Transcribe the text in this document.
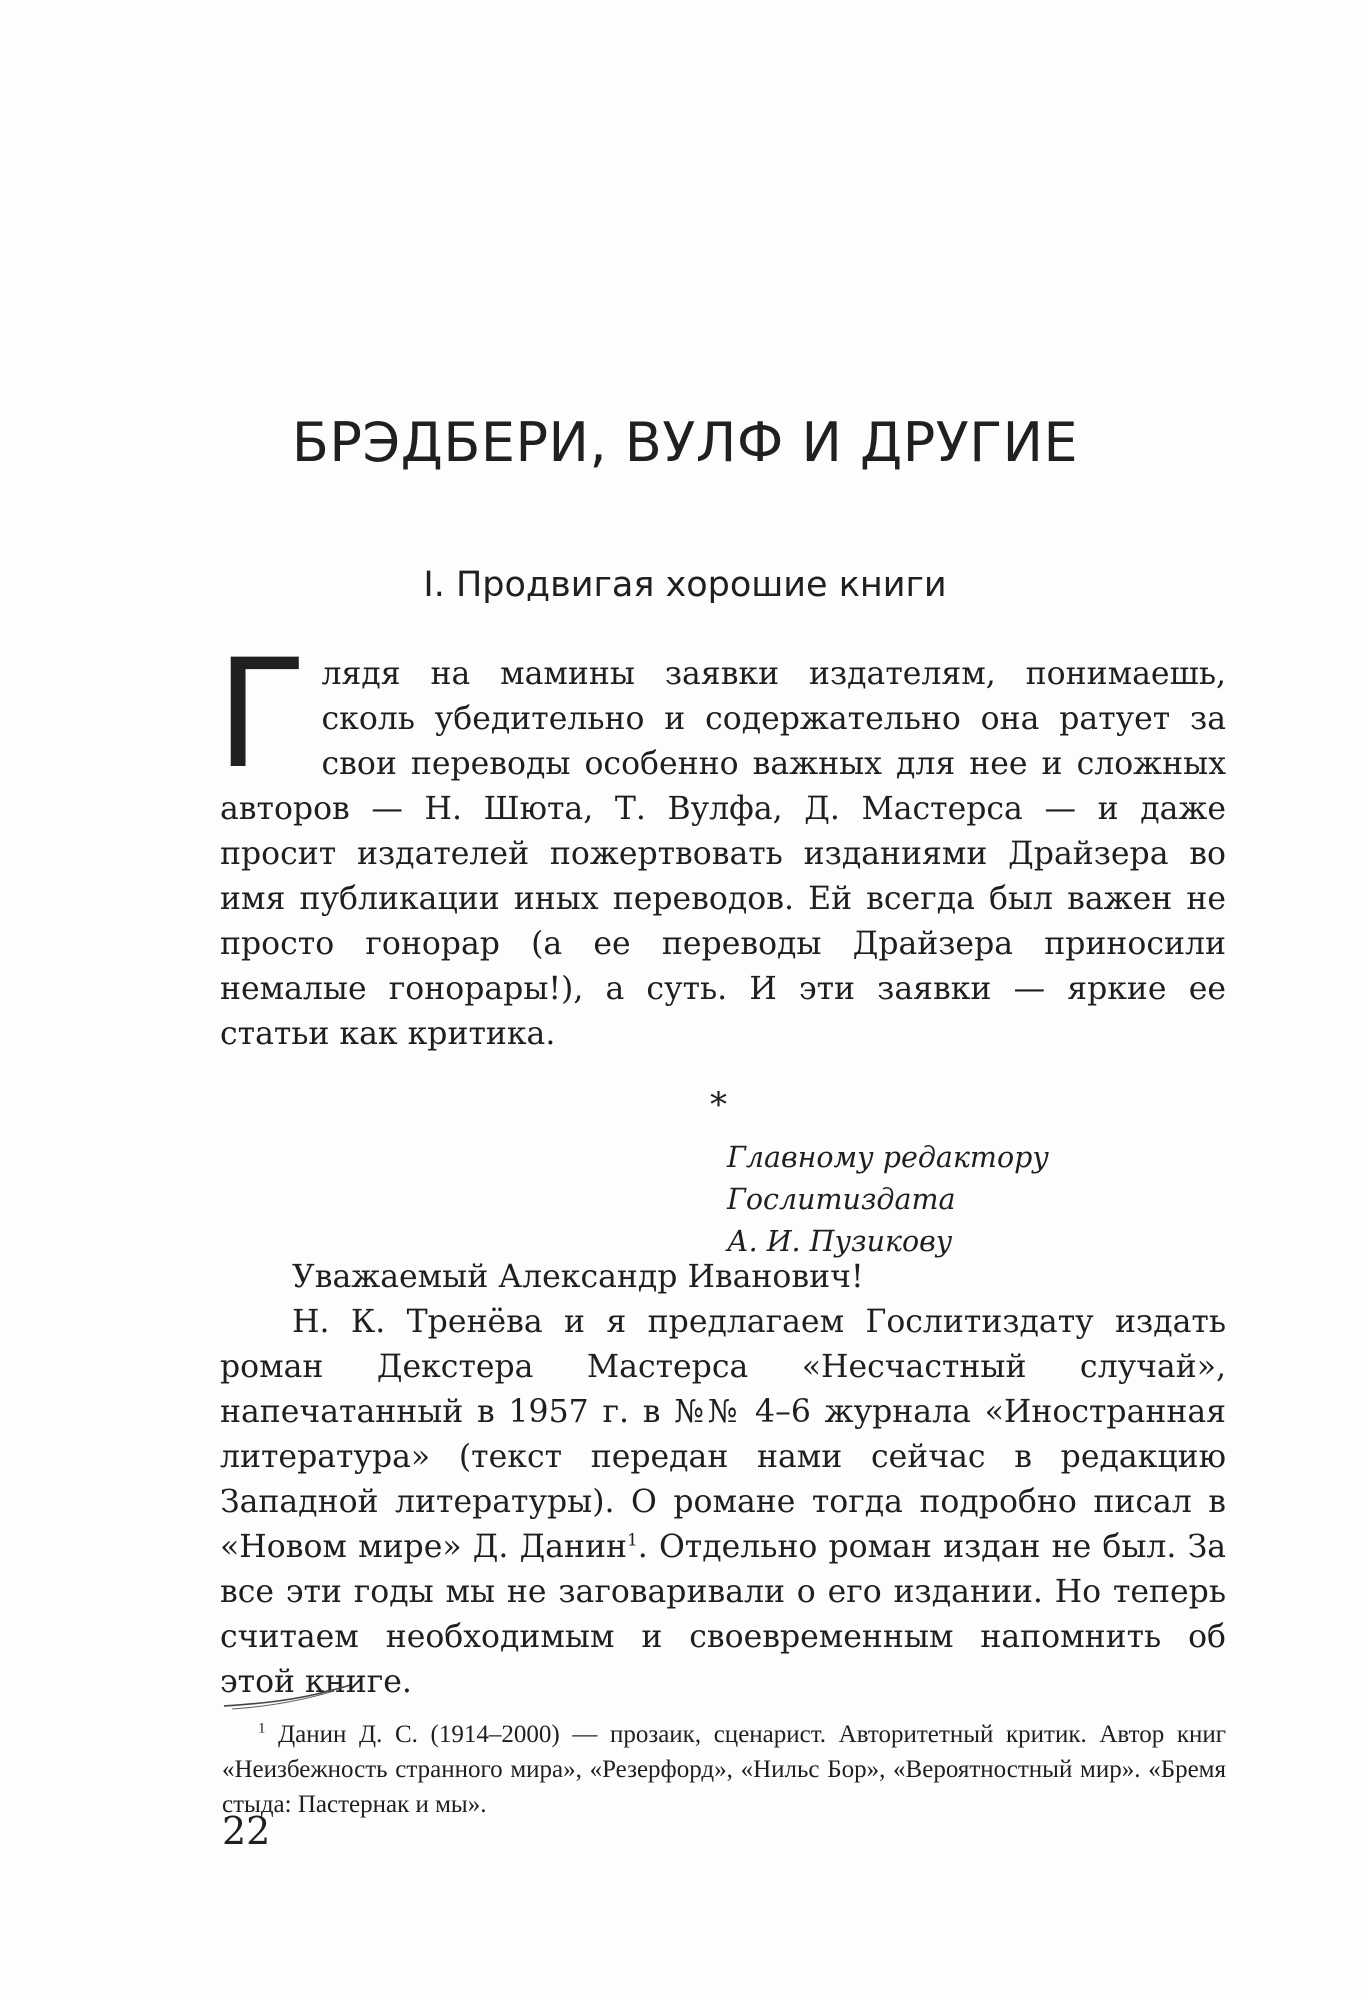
БРЭДБЕРИ, ВУЛФ И ДРУГИЕ
I. Продвигая хорошие книги

Глядя на мамины заявки издателям, понимаешь, сколь убедительно и содержательно она ратует за свои переводы особенно важных для нее и сложных авторов — Н. Шюта, Т. Вулфа, Д. Мастерса — и даже просит издателей пожертвовать изданиями Драйзера во имя публикации иных переводов. Ей всегда был важен не просто гонорар (а ее переводы Драйзера приносили немалые гонорары!), а суть. И эти заявки — яркие ее статьи как критика.

*

Главному редактору Гослитиздата
А. И. Пузикову

Уважаемый Александр Иванович!

Н. К. Тренёва и я предлагаем Гослитиздату издать роман Декстера Мастерса «Несчастный случай», напечатанный в 1957 г. в №№ 4–6 журнала «Иностранная литература» (текст передан нами сейчас в редакцию Западной литературы). О романе тогда подробно писал в «Новом мире» Д. Данин$^1$. Отдельно роман издан не был. За все эти годы мы не заговаривали о его издании. Но теперь считаем необходимым и своевременным напомнить об этой книге.

$^1$ Данин Д. С. (1914–2000) — прозаик, сценарист. Авторитетный критик. Автор книг «Неизбежность странного мира», «Резерфорд», «Нильс Бор», «Вероятностный мир». «Бремя стыда: Пастернак и мы».

22
